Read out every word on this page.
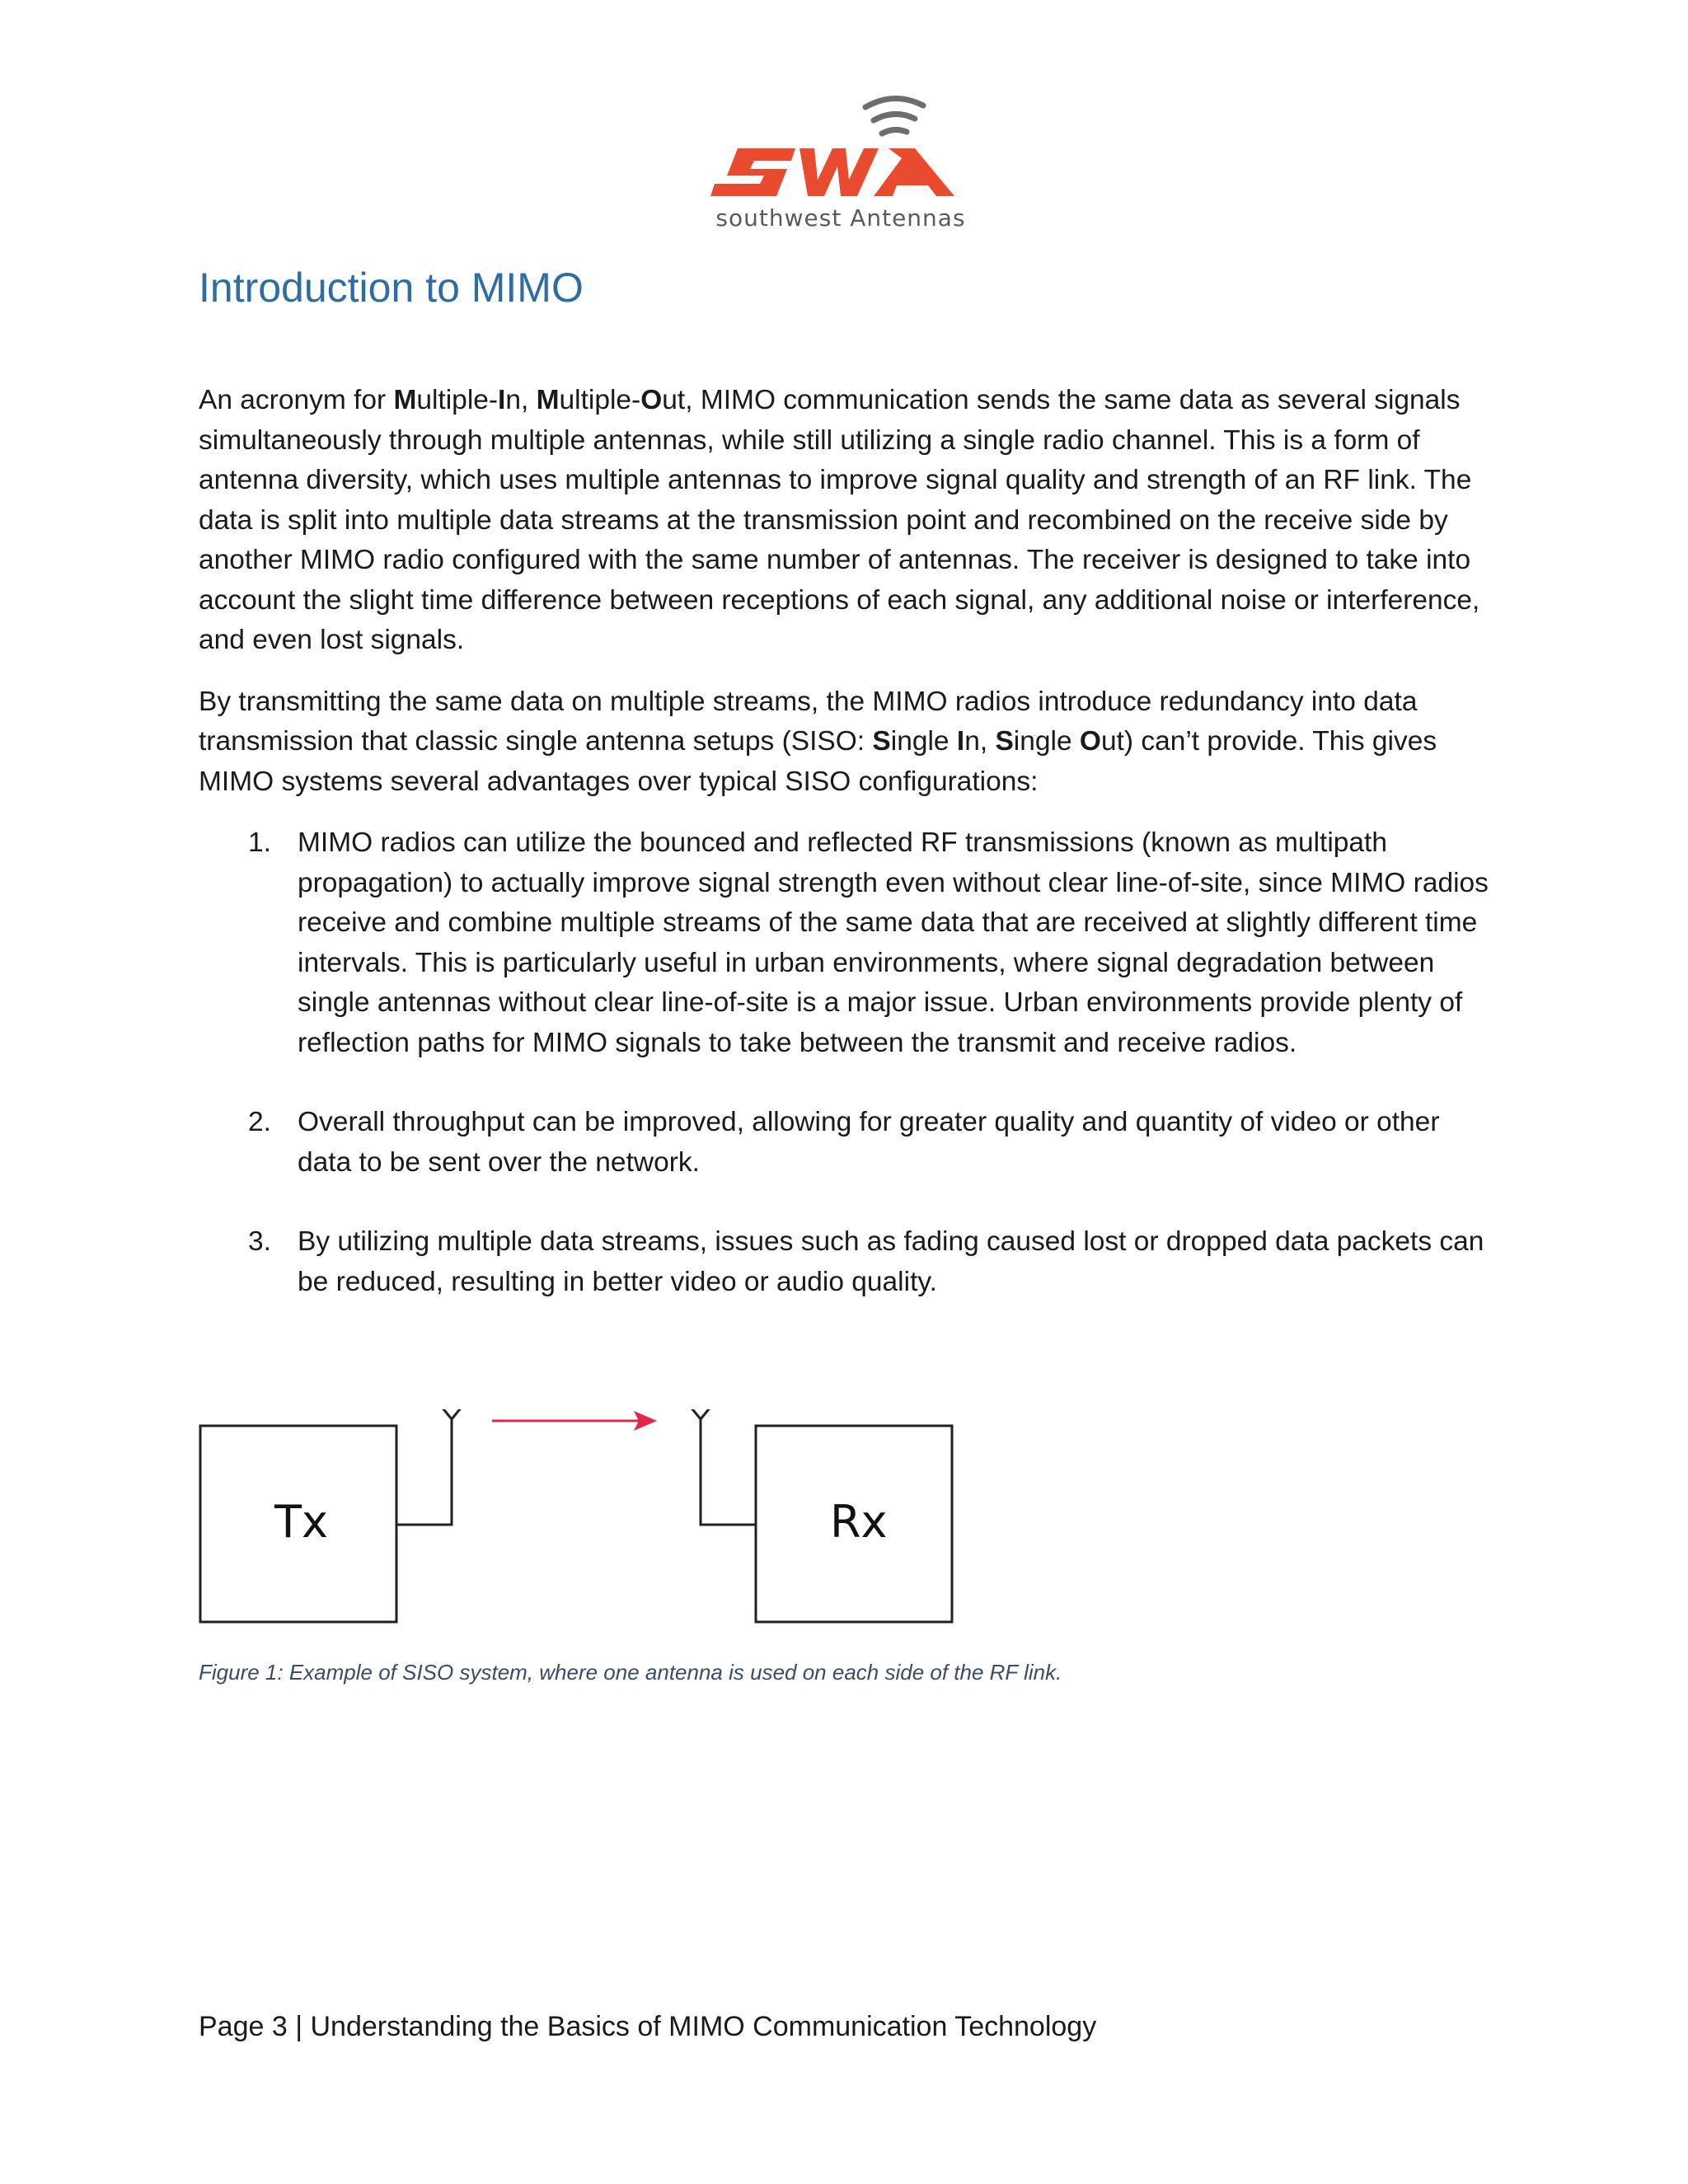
southwest Antennas
Introduction to MIMO

An acronym for Multiple-In, Multiple-Out, MIMO communication sends the same data as several signals simultaneously through multiple antennas, while still utilizing a single radio channel. This is a form of antenna diversity, which uses multiple antennas to improve signal quality and strength of an RF link. The data is split into multiple data streams at the transmission point and recombined on the receive side by another MIMO radio configured with the same number of antennas. The receiver is designed to take into account the slight time difference between receptions of each signal, any additional noise or interference, and even lost signals.

By transmitting the same data on multiple streams, the MIMO radios introduce redundancy into data transmission that classic single antenna setups (SISO: Single In, Single Out) can’t provide. This gives MIMO systems several advantages over typical SISO configurations:

1. MIMO radios can utilize the bounced and reflected RF transmissions (known as multipath propagation) to actually improve signal strength even without clear line-of-site, since MIMO radios receive and combine multiple streams of the same data that are received at slightly different time intervals. This is particularly useful in urban environments, where signal degradation between single antennas without clear line-of-site is a major issue. Urban environments provide plenty of reflection paths for MIMO signals to take between the transmit and receive radios.
2. Overall throughput can be improved, allowing for greater quality and quantity of video or other data to be sent over the network.
3. By utilizing multiple data streams, issues such as fading caused lost or dropped data packets can be reduced, resulting in better video or audio quality.
Tx	Rx
Figure 1: Example of SISO system, where one antenna is used on each side of the RF link.
Page 3 | Understanding the Basics of MIMO Communication Technology
